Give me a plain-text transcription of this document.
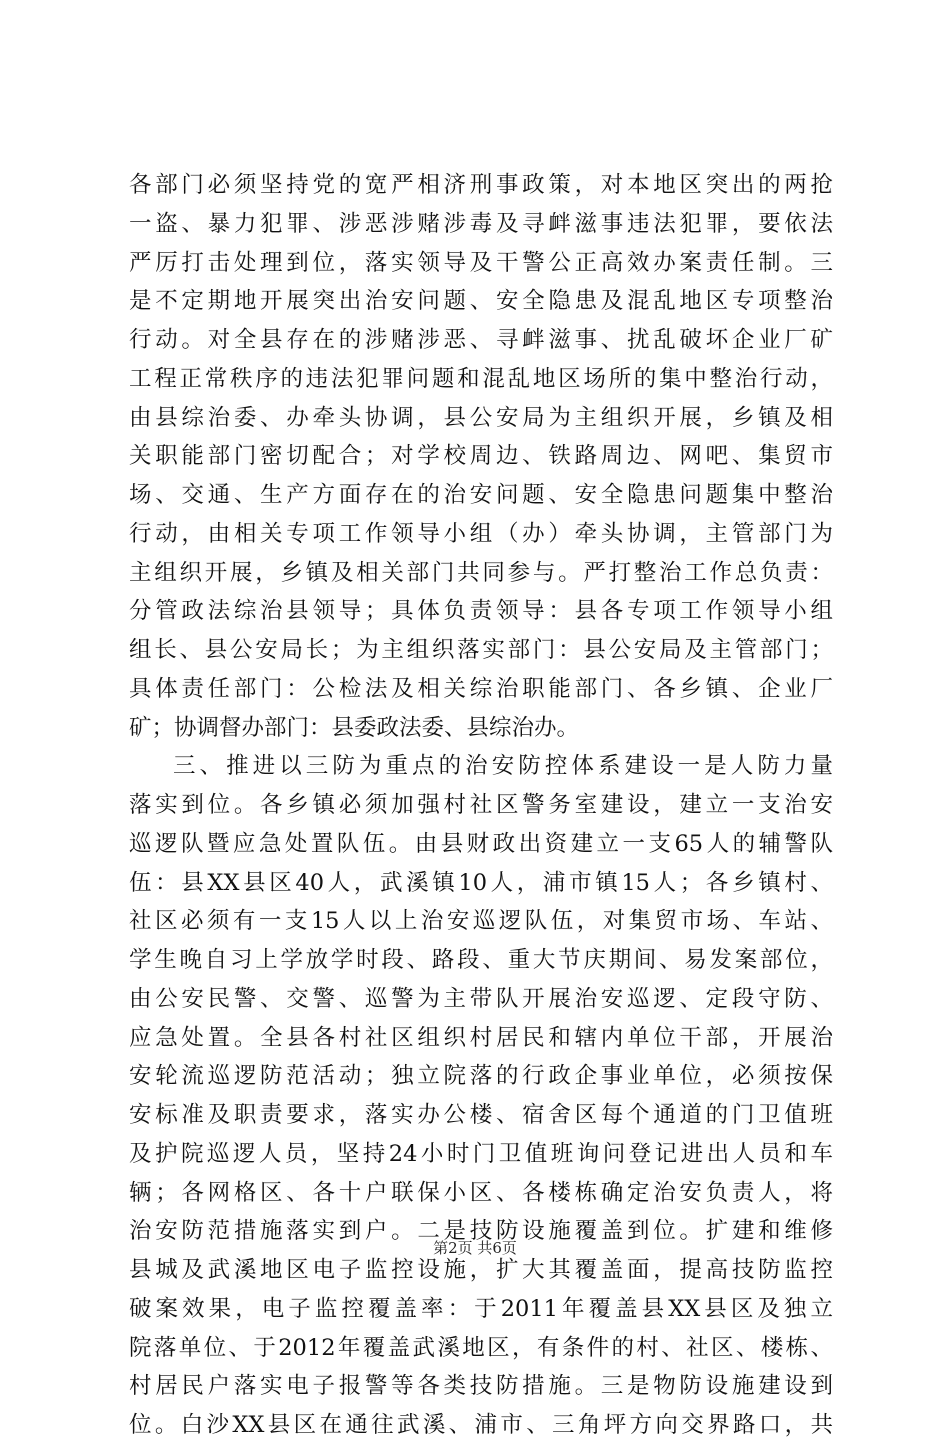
各部门必须坚持党的宽严相济刑事政策，对本地区突出的两抢
一盗、暴力犯罪、涉恶涉赌涉毒及寻衅滋事违法犯罪，要依法
严厉打击处理到位，落实领导及干警公正高效办案责任制。三
是不定期地开展突出治安问题、安全隐患及混乱地区专项整治
行动。对全县存在的涉赌涉恶、寻衅滋事、扰乱破坏企业厂矿
工程正常秩序的违法犯罪问题和混乱地区场所的集中整治行动，
由县综治委、办牵头协调，县公安局为主组织开展，乡镇及相
关职能部门密切配合；对学校周边、铁路周边、网吧、集贸市
场、交通、生产方面存在的治安问题、安全隐患问题集中整治
行动，由相关专项工作领导小组（办）牵头协调，主管部门为
主组织开展，乡镇及相关部门共同参与。严打整治工作总负责：
分管政法综治县领导；具体负责领导：县各专项工作领导小组
组长、县公安局长；为主组织落实部门：县公安局及主管部门；
具体责任部门：公检法及相关综治职能部门、各乡镇、企业厂
矿；协调督办部门：县委政法委、县综治办。
三、推进以三防为重点的治安防控体系建设一是人防力量
落实到位。各乡镇必须加强村社区警务室建设，建立一支治安
巡逻队暨应急处置队伍。由县财政出资建立一支65人的辅警队
伍：县XX县区40人，武溪镇10人，浦市镇15人；各乡镇村、
社区必须有一支15人以上治安巡逻队伍，对集贸市场、车站、
学生晚自习上学放学时段、路段、重大节庆期间、易发案部位，
由公安民警、交警、巡警为主带队开展治安巡逻、定段守防、
应急处置。全县各村社区组织村居民和辖内单位干部，开展治
安轮流巡逻防范活动；独立院落的行政企事业单位，必须按保
安标准及职责要求，落实办公楼、宿舍区每个通道的门卫值班
及护院巡逻人员，坚持24小时门卫值班询问登记进出人员和车
辆；各网格区、各十户联保小区、各楼栋确定治安负责人，将
治安防范措施落实到户。二是技防设施覆盖到位。扩建和维修
县城及武溪地区电子监控设施，扩大其覆盖面，提高技防监控
破案效果，电子监控覆盖率：于2011年覆盖县XX县区及独立
院落单位、于2012年覆盖武溪地区，有条件的村、社区、楼栋、
村居民户落实电子报警等各类技防措施。三是物防设施建设到
位。白沙XX县区在通往武溪、浦市、三角坪方向交界路口，共
第2页 共6页
